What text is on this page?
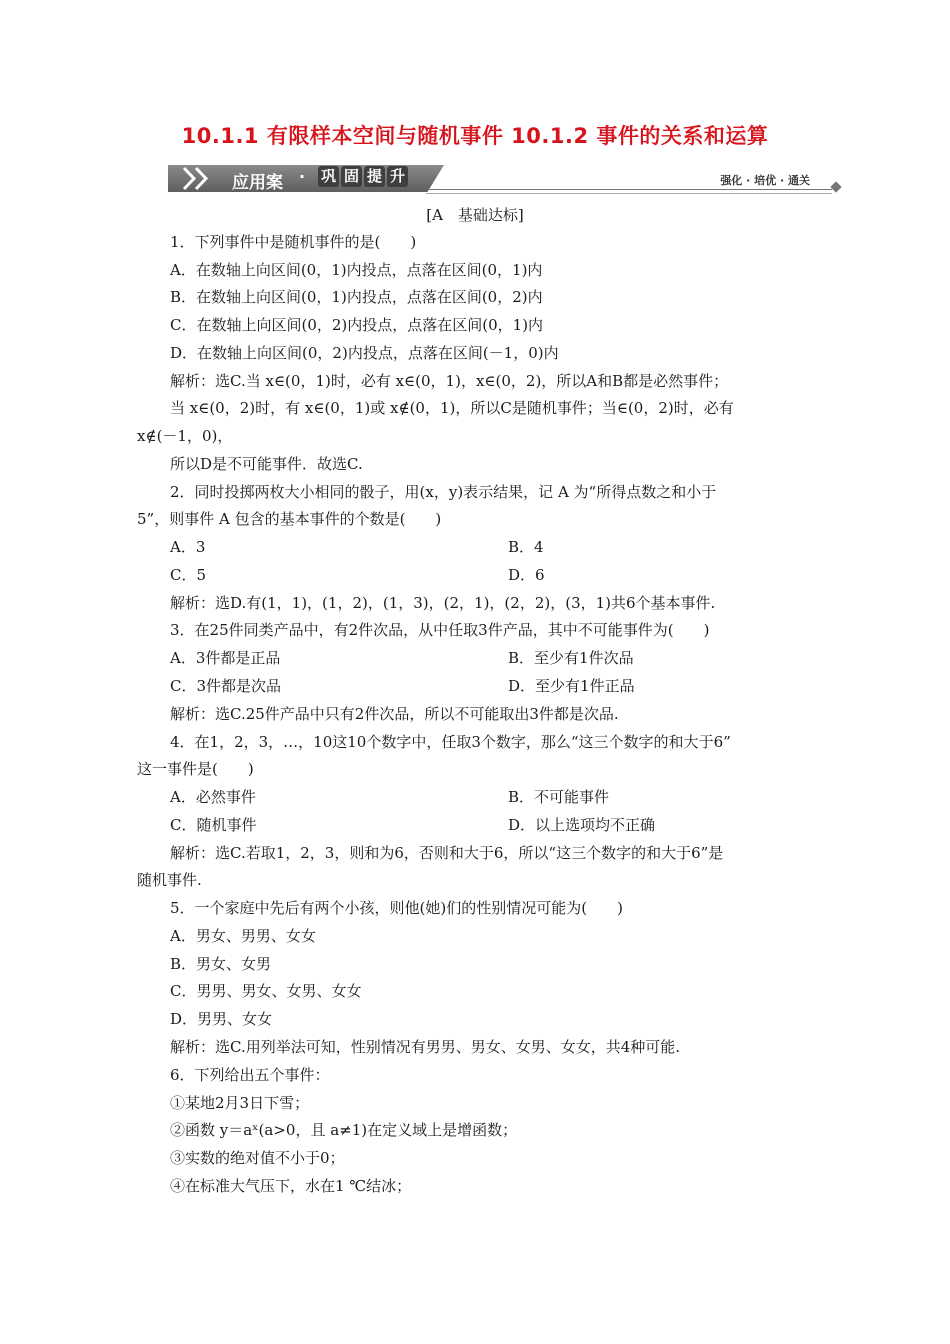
10.1.1 有限样本空间与随机事件 10.1.2 事件的关系和运算
应用案 · 巩 固 提 升	强化 · 培优 · 通关
[A　基础达标]
1．下列事件中是随机事件的是(　　)
A．在数轴上向区间(0，1)内投点，点落在区间(0，1)内
B．在数轴上向区间(0，1)内投点，点落在区间(0，2)内
C．在数轴上向区间(0，2)内投点，点落在区间(0，1)内
D．在数轴上向区间(0，2)内投点，点落在区间(－1，0)内
解析：选C.当 x∈(0，1)时，必有 x∈(0，1)，x∈(0，2)，所以A和B都是必然事件；
当 x∈(0，2)时，有 x∈(0，1)或 x∉(0，1)，所以C是随机事件；当∈(0，2)时，必有
x∉(－1，0)，
所以D是不可能事件．故选C.
2．同时投掷两枚大小相同的骰子，用(x，y)表示结果，记 A 为“所得点数之和小于
5”，则事件 A 包含的基本事件的个数是(　　)
A．3	B．4
C．5	D．6
解析：选D.有(1，1)，(1，2)，(1，3)，(2，1)，(2，2)，(3，1)共6个基本事件.
3．在25件同类产品中，有2件次品，从中任取3件产品，其中不可能事件为(　　)
A．3件都是正品	B．至少有1件次品
C．3件都是次品	D．至少有1件正品
解析：选C.25件产品中只有2件次品，所以不可能取出3件都是次品.
4．在1，2，3，…，10这10个数字中，任取3个数字，那么“这三个数字的和大于6”
这一事件是(　　)
A．必然事件	B．不可能事件
C．随机事件	D．以上选项均不正确
解析：选C.若取1，2，3，则和为6，否则和大于6，所以“这三个数字的和大于6”是
随机事件.
5．一个家庭中先后有两个小孩，则他(她)们的性别情况可能为(　　)
A．男女、男男、女女
B．男女、女男
C．男男、男女、女男、女女
D．男男、女女
解析：选C.用列举法可知，性别情况有男男、男女、女男、女女，共4种可能.
6．下列给出五个事件：
①某地2月3日下雪；
②函数 y＝aˣ(a>0，且 a≠1)在定义域上是增函数；
③实数的绝对值不小于0；
④在标准大气压下，水在1 ℃结冰；
